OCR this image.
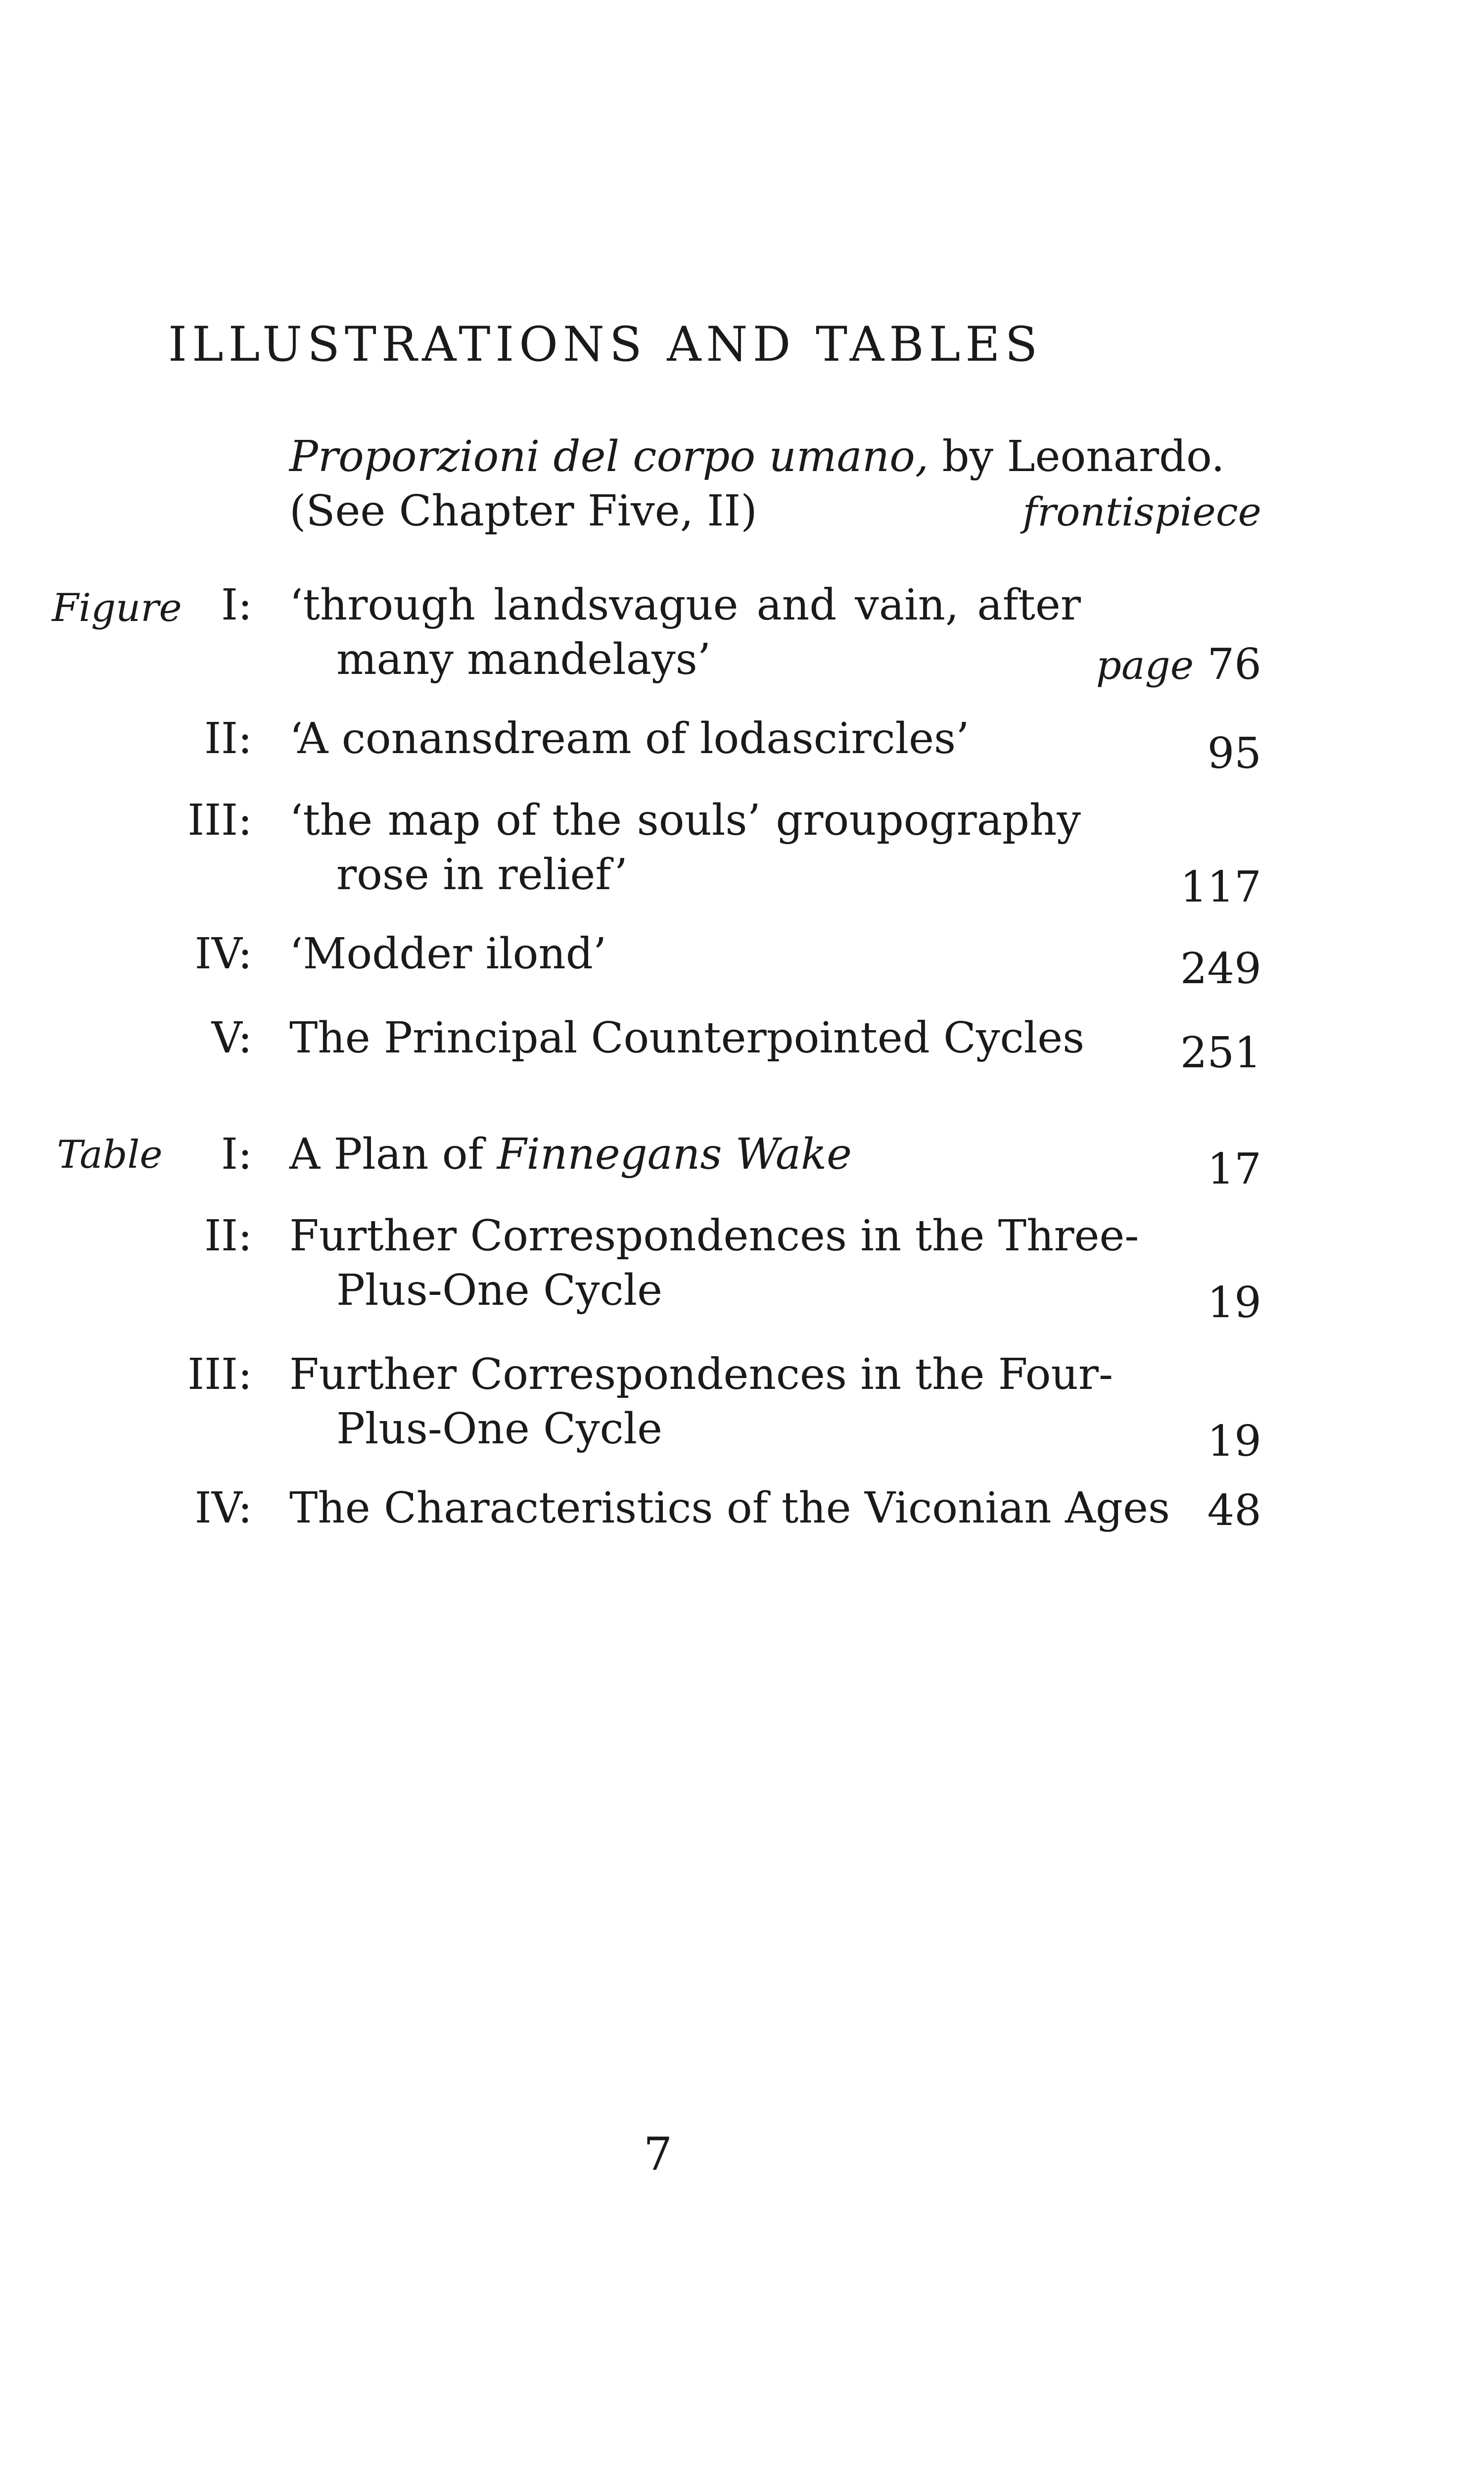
ILLUSTRATIONS AND TABLES
Proporzioni del corpo umano, by Leonardo.
(See Chapter Five, II)	frontispiece
Figure I: ‘through landsvague and vain, after
many mandelays’	page 76
II: ‘A conansdream of lodascircles’	95
III: ‘the map of the souls’ groupography
rose in relief’	117
IV: ‘Modder ilond’	249
V: The Principal Counterpointed Cycles	251
Table	I: A Plan of Finnegans Wake	17
II: Further Correspondences in the Three-
Plus-One Cycle	19
III: Further Correspondences in the Four-
Plus-One Cycle	19
IV: The Characteristics of the Viconian Ages 48
7
